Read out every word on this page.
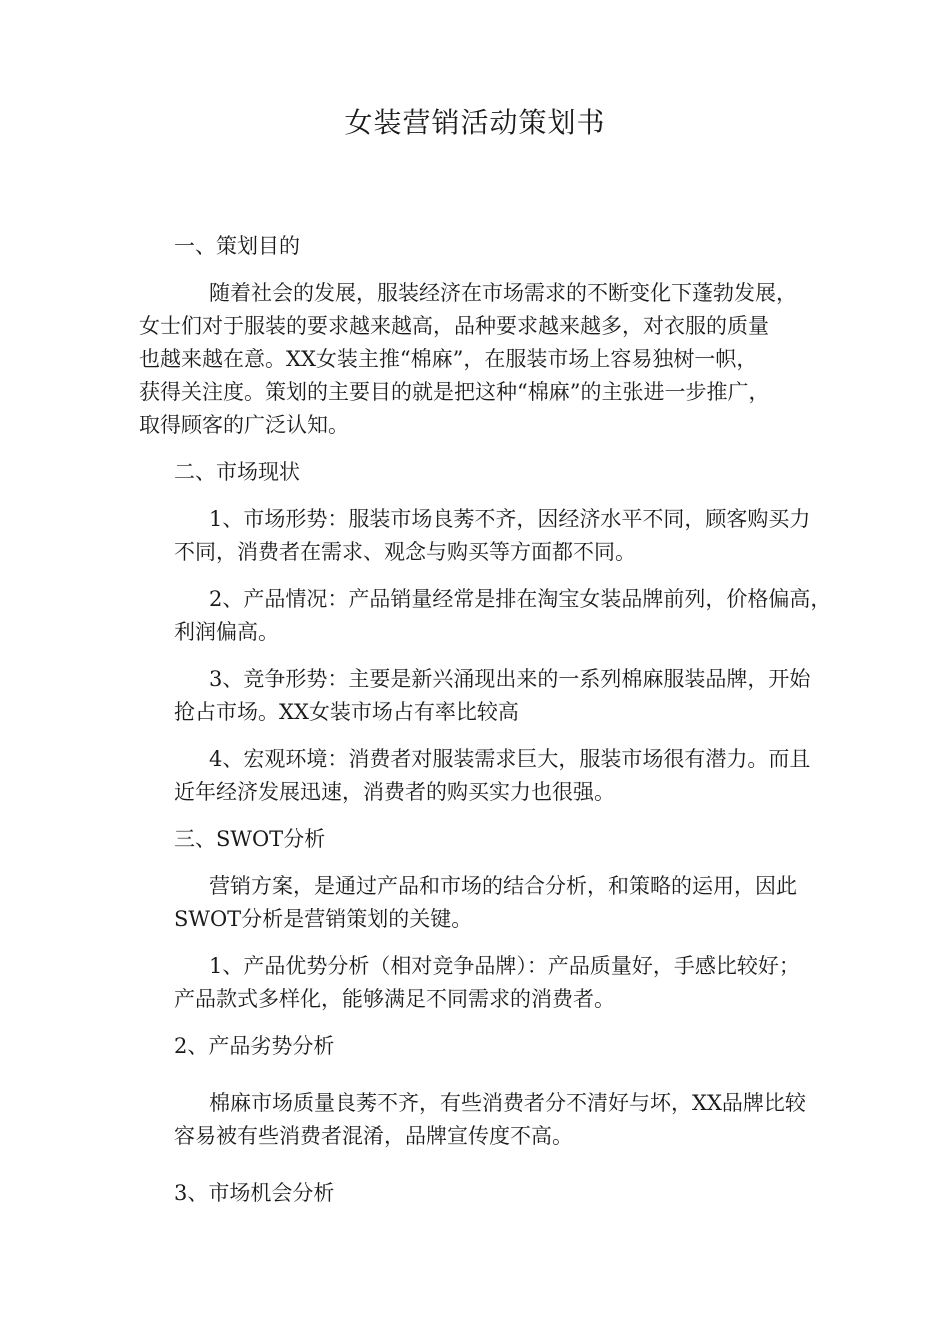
女装营销活动策划书
一、策划目的
随着社会的发展，服装经济在市场需求的不断变化下蓬勃发展，
女士们对于服装的要求越来越高，品种要求越来越多，对衣服的质量
也越来越在意。XX女装主推“棉麻”，在服装市场上容易独树一帜，
获得关注度。策划的主要目的就是把这种“棉麻”的主张进一步推广，
取得顾客的广泛认知。
二、市场现状
1、市场形势：服装市场良莠不齐，因经济水平不同，顾客购买力
不同，消费者在需求、观念与购买等方面都不同。
2、产品情况：产品销量经常是排在淘宝女装品牌前列，价格偏高，
利润偏高。
3、竞争形势：主要是新兴涌现出来的一系列棉麻服装品牌，开始
抢占市场。XX女装市场占有率比较高
4、宏观环境：消费者对服装需求巨大，服装市场很有潜力。而且
近年经济发展迅速，消费者的购买实力也很强。
三、SWOT分析
营销方案，是通过产品和市场的结合分析，和策略的运用，因此
SWOT分析是营销策划的关键。
1、产品优势分析（相对竞争品牌）：产品质量好，手感比较好；
产品款式多样化，能够满足不同需求的消费者。
2、产品劣势分析
棉麻市场质量良莠不齐，有些消费者分不清好与坏，XX品牌比较
容易被有些消费者混淆，品牌宣传度不高。
3、市场机会分析
